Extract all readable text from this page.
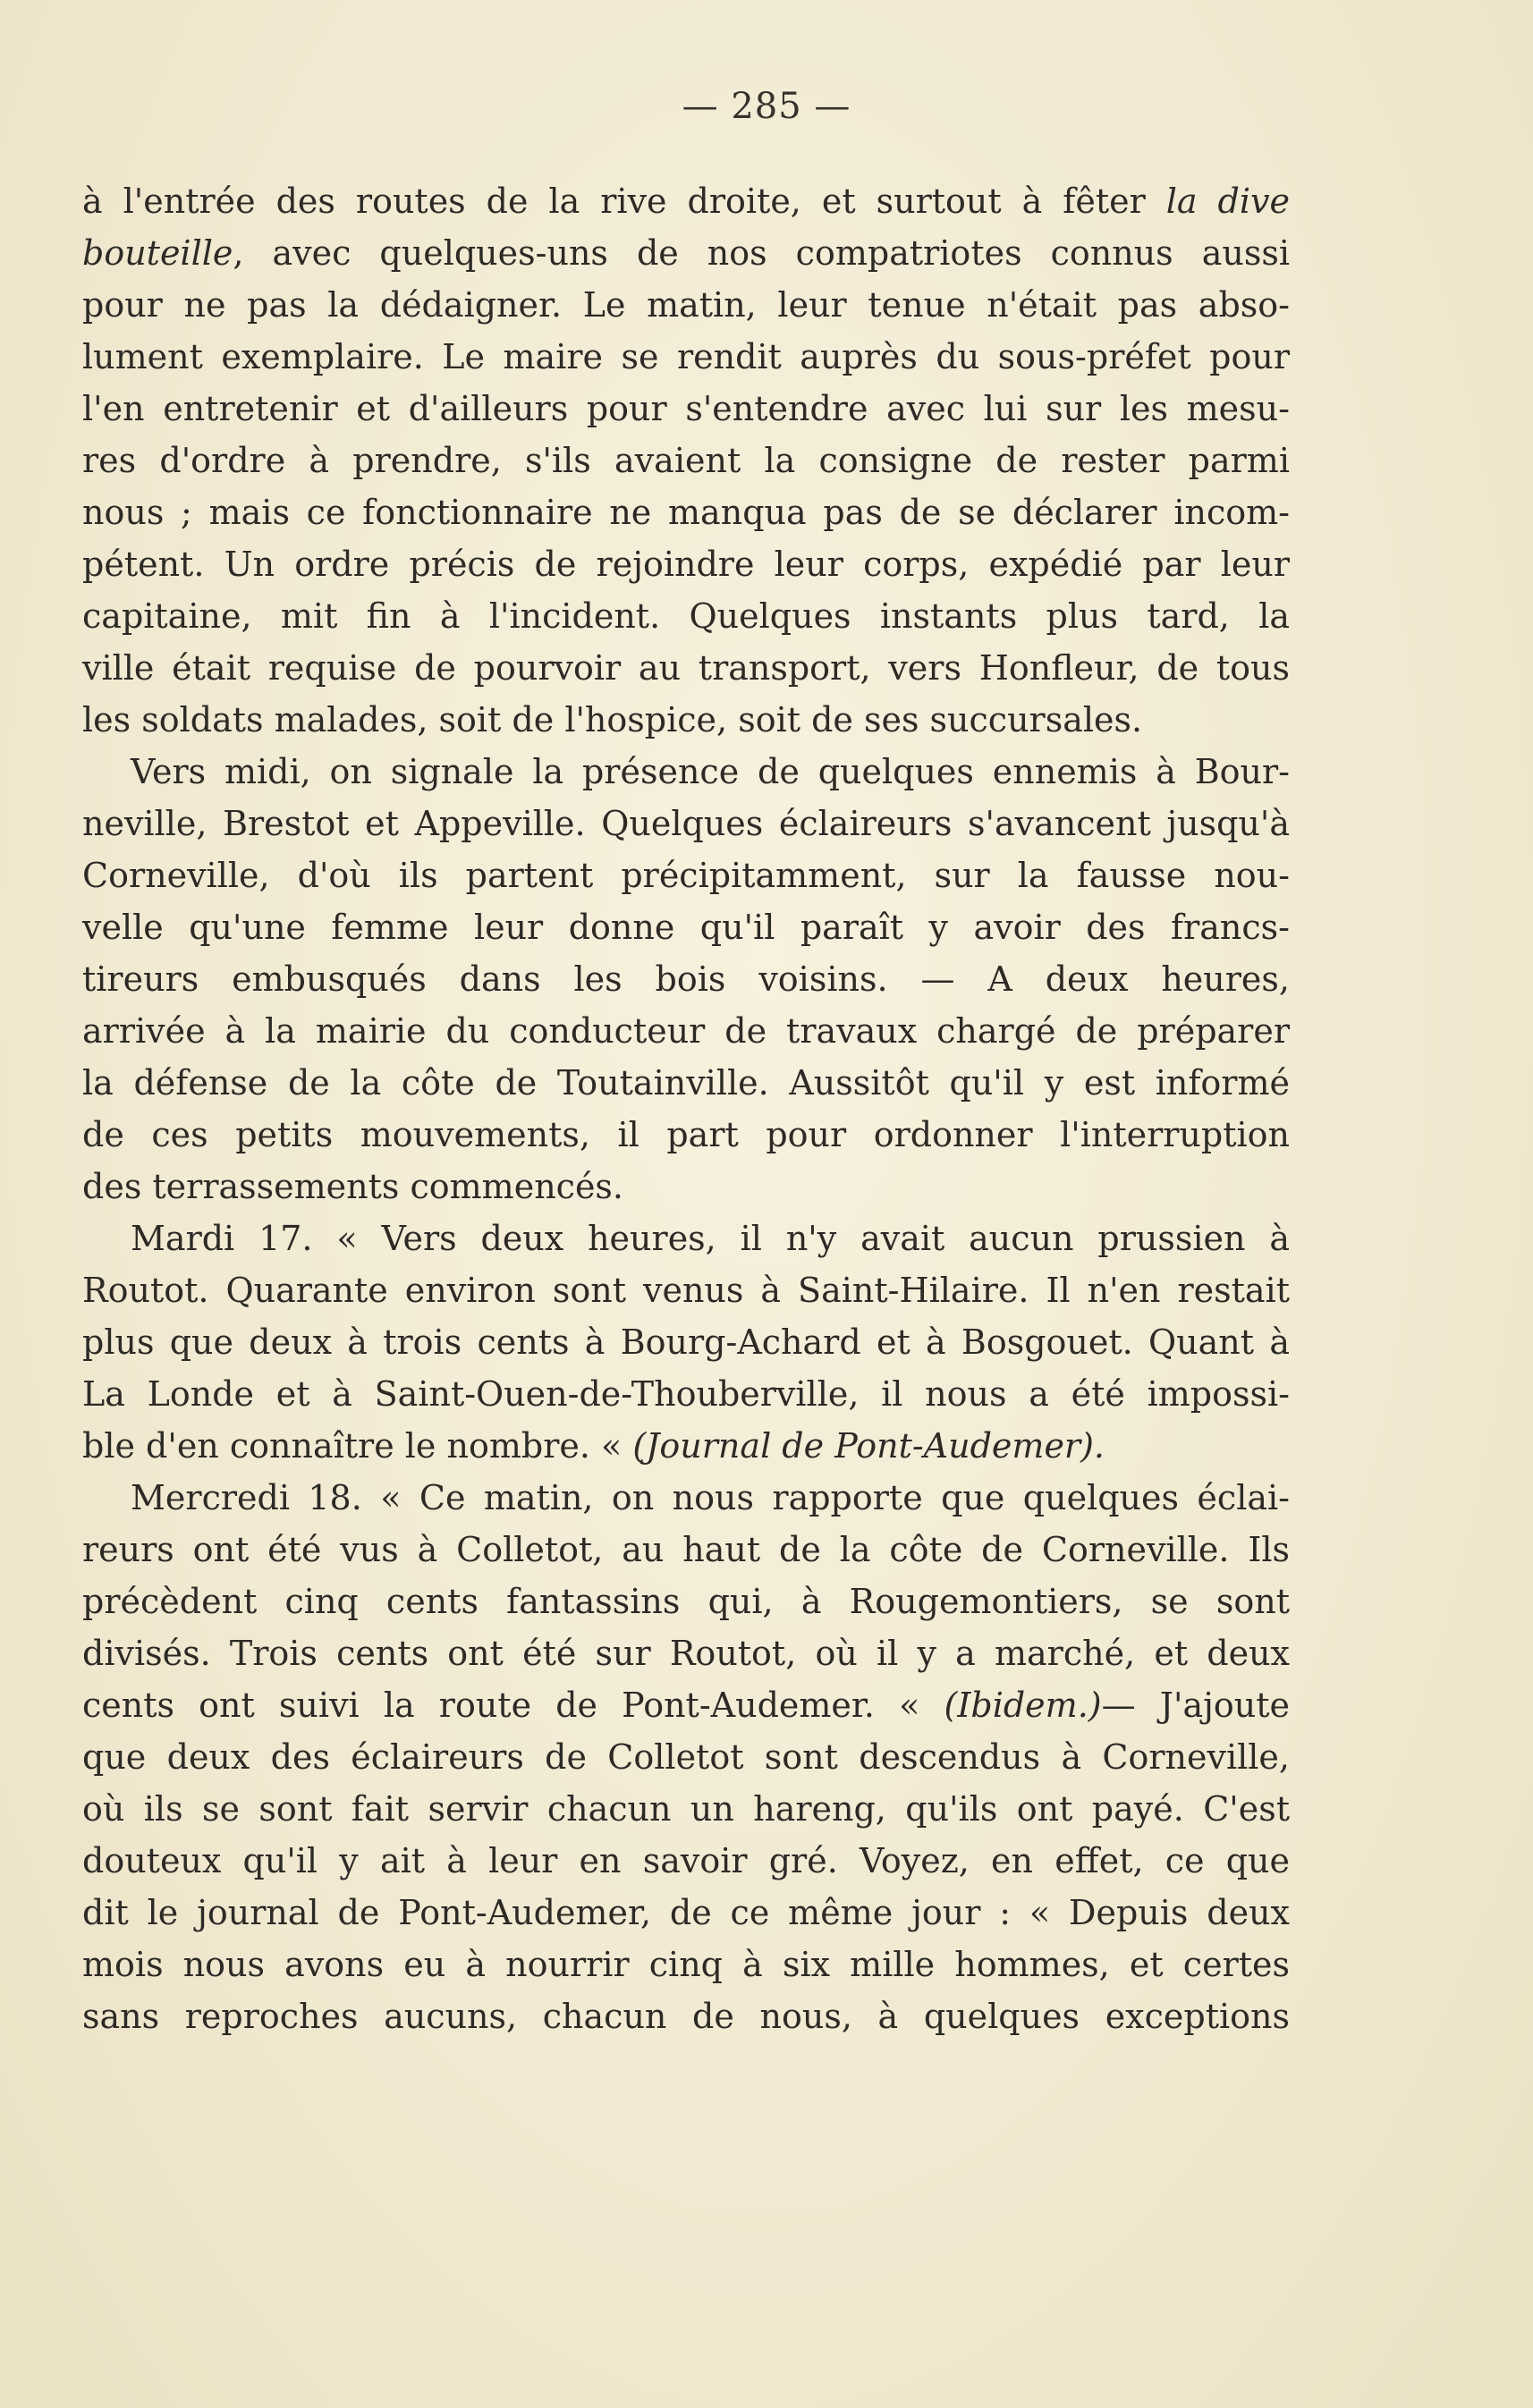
— 285 —
à l'entrée des routes de la rive droite, et surtout à fêter la dive
bouteille, avec quelques-uns de nos compatriotes connus aussi
pour ne pas la dédaigner. Le matin, leur tenue n'était pas abso-
lument exemplaire. Le maire se rendit auprès du sous-préfet pour
l'en entretenir et d'ailleurs pour s'entendre avec lui sur les mesu-
res d'ordre à prendre, s'ils avaient la consigne de rester parmi
nous ; mais ce fonctionnaire ne manqua pas de se déclarer incom-
pétent. Un ordre précis de rejoindre leur corps, expédié par leur
capitaine, mit fin à l'incident. Quelques instants plus tard, la
ville était requise de pourvoir au transport, vers Honfleur, de tous
les soldats malades, soit de l'hospice, soit de ses succursales.
Vers midi, on signale la présence de quelques ennemis à Bour-
neville, Brestot et Appeville. Quelques éclaireurs s'avancent jusqu'à
Corneville, d'où ils partent précipitamment, sur la fausse nou-
velle qu'une femme leur donne qu'il paraît y avoir des francs-
tireurs embusqués dans les bois voisins. — A deux heures,
arrivée à la mairie du conducteur de travaux chargé de préparer
la défense de la côte de Toutainville. Aussitôt qu'il y est informé
de ces petits mouvements, il part pour ordonner l'interruption
des terrassements commencés.
Mardi 17. « Vers deux heures, il n'y avait aucun prussien à
Routot. Quarante environ sont venus à Saint-Hilaire. Il n'en restait
plus que deux à trois cents à Bourg-Achard et à Bosgouet. Quant à
La Londe et à Saint-Ouen-de-Thouberville, il nous a été impossi-
ble d'en connaître le nombre. « (Journal de Pont-Audemer).
Mercredi 18. « Ce matin, on nous rapporte que quelques éclai-
reurs ont été vus à Colletot, au haut de la côte de Corneville. Ils
précèdent cinq cents fantassins qui, à Rougemontiers, se sont
divisés. Trois cents ont été sur Routot, où il y a marché, et deux
cents ont suivi la route de Pont-Audemer. « (Ibidem.)— J'ajoute
que deux des éclaireurs de Colletot sont descendus à Corneville,
où ils se sont fait servir chacun un hareng, qu'ils ont payé. C'est
douteux qu'il y ait à leur en savoir gré. Voyez, en effet, ce que
dit le journal de Pont-Audemer, de ce même jour : « Depuis deux
mois nous avons eu à nourrir cinq à six mille hommes, et certes
sans reproches aucuns, chacun de nous, à quelques exceptions
